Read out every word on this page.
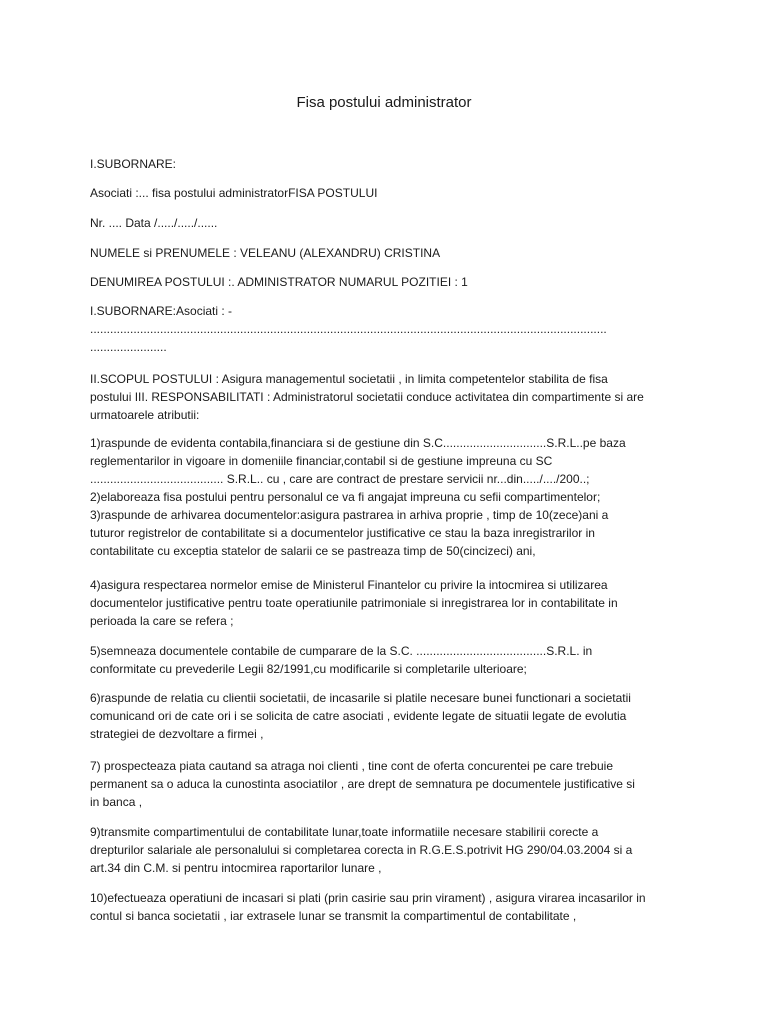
Fisa postului administrator
I.SUBORNARE:
Asociati :... fisa postului administratorFISA POSTULUI
Nr. .... Data /...../...../......
NUMELE si PRENUMELE : VELEANU (ALEXANDRU) CRISTINA
DENUMIREA POSTULUI :. ADMINISTRATOR NUMARUL POZITIEI : 1
I.SUBORNARE:Asociati : -
...........................................................................................................................................................
.......................
II.SCOPUL POSTULUI : Asigura managementul societatii , in limita competentelor stabilita de fisa
postului III. RESPONSABILITATI : Administratorul societatii conduce activitatea din compartimente si are
urmatoarele atributii:
1)raspunde de evidenta contabila,financiara si de gestiune din S.C...............................S.R.L..pe baza
reglementarilor in vigoare in domeniile financiar,contabil si de gestiune impreuna cu SC
........................................ S.R.L.. cu , care are contract de prestare servicii nr...din...../..../200..;
2)elaboreaza fisa postului pentru personalul ce va fi angajat impreuna cu sefii compartimentelor;
3)raspunde de arhivarea documentelor:asigura pastrarea in arhiva proprie , timp de 10(zece)ani a
tuturor registrelor de contabilitate si a documentelor justificative ce stau la baza inregistrarilor in
contabilitate cu exceptia statelor de salarii ce se pastreaza timp de 50(cincizeci) ani,
4)asigura respectarea normelor emise de Ministerul Finantelor cu privire la intocmirea si utilizarea
documentelor justificative pentru toate operatiunile patrimoniale si inregistrarea lor in contabilitate in
perioada la care se refera ;
5)semneaza documentele contabile de cumparare de la S.C. .......................................S.R.L. in
conformitate cu prevederile Legii 82/1991,cu modificarile si completarile ulterioare;
6)raspunde de relatia cu clientii societatii, de incasarile si platile necesare bunei functionari a societatii
comunicand ori de cate ori i se solicita de catre asociati , evidente legate de situatii legate de evolutia
strategiei de dezvoltare a firmei ,
7) prospecteaza piata cautand sa atraga noi clienti , tine cont de oferta concurentei pe care trebuie
permanent sa o aduca la cunostinta asociatilor , are drept de semnatura pe documentele justificative si
in banca ,
9)transmite compartimentului de contabilitate lunar,toate informatiile necesare stabilirii corecte a
drepturilor salariale ale personalului si completarea corecta in R.G.E.S.potrivit HG 290/04.03.2004 si a
art.34 din C.M. si pentru intocmirea raportarilor lunare ,
10)efectueaza operatiuni de incasari si plati (prin casirie sau prin virament) , asigura virarea incasarilor in
contul si banca societatii , iar extrasele lunar se transmit la compartimentul de contabilitate ,
